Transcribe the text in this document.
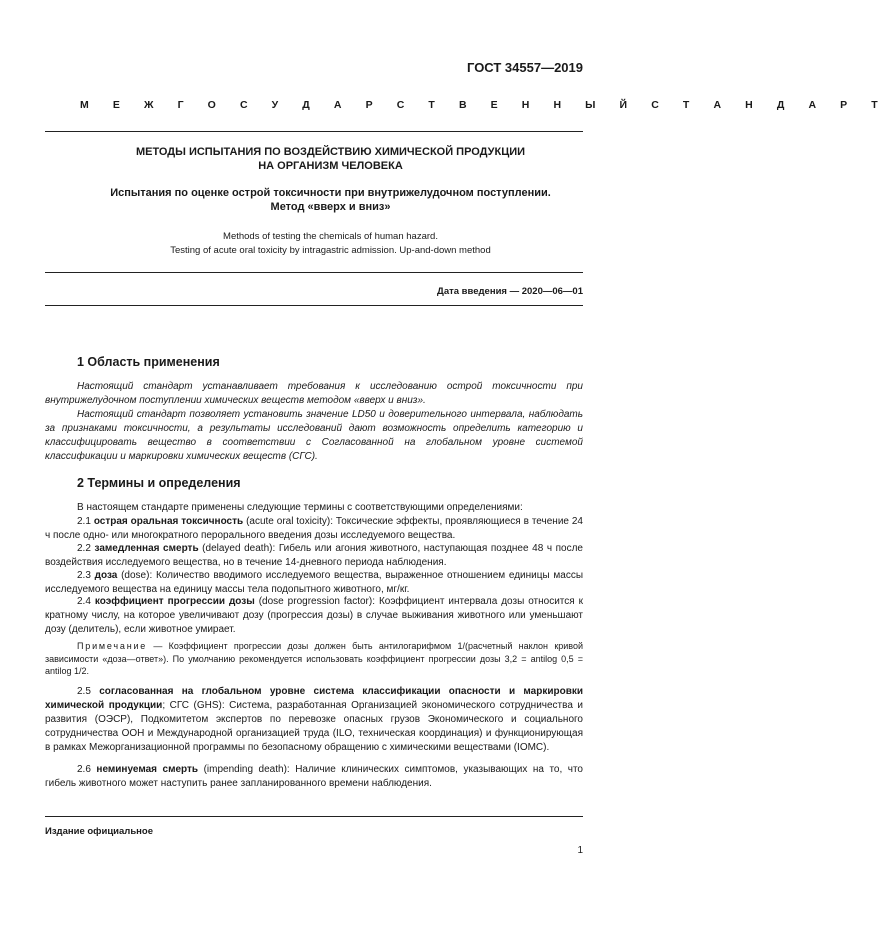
ГОСТ 34557—2019
М Е Ж Г О С У Д А Р С Т В Е Н Н Ы Й С Т А Н Д А Р Т
МЕТОДЫ ИСПЫТАНИЯ ПО ВОЗДЕЙСТВИЮ ХИМИЧЕСКОЙ ПРОДУКЦИИ
НА ОРГАНИЗМ ЧЕЛОВЕКА
Испытания по оценке острой токсичности при внутрижелудочном поступлении.
Метод «вверх и вниз»
Methods of testing the chemicals of human hazard.
Testing of acute oral toxicity by intragastric admission. Up-and-down method
Дата введения — 2020—06—01
1 Область применения
Настоящий стандарт устанавливает требования к исследованию острой токсичности при внутрижелудочном поступлении химических веществ методом «вверх и вниз».
Настоящий стандарт позволяет установить значение LD50 и доверительного интервала, наблюдать за признаками токсичности, а результаты исследований дают возможность определить категорию и классифицировать вещество в соответствии с Согласованной на глобальном уровне системой классификации и маркировки химических веществ (СГС).
2 Термины и определения
В настоящем стандарте применены следующие термины с соответствующими определениями:
2.1 острая оральная токсичность (acute oral toxicity): Токсические эффекты, проявляющиеся в течение 24 ч после одно- или многократного перорального введения дозы исследуемого вещества.
2.2 замедленная смерть (delayed death): Гибель или агония животного, наступающая позднее 48 ч после воздействия исследуемого вещества, но в течение 14-дневного периода наблюдения.
2.3 доза (dose): Количество вводимого исследуемого вещества, выраженное отношением единицы массы исследуемого вещества на единицу массы тела подопытного животного, мг/кг.
2.4 коэффициент прогрессии дозы (dose progression factor): Коэффициент интервала дозы относится к кратному числу, на которое увеличивают дозу (прогрессия дозы) в случае выживания животного или уменьшают дозу (делитель), если животное умирает.
Примечание — Коэффициент прогрессии дозы должен быть антилогарифмом 1/(расчетный наклон кривой зависимости «доза—ответ»). По умолчанию рекомендуется использовать коэффициент прогрессии дозы 3,2 = antilog 0,5 = antilog 1/2.
2.5 согласованная на глобальном уровне система классификации опасности и маркировки химической продукции; СГС (GHS): Система, разработанная Организацией экономического сотрудничества и развития (ОЭСР), Подкомитетом экспертов по перевозке опасных грузов Экономического и социального сотрудничества ООН и Международной организацией труда (ILO, техническая координация) и функционирующая в рамках Межорганизационной программы по безопасному обращению с химическими веществами (IOMC).
2.6 неминуемая смерть (impending death): Наличие клинических симптомов, указывающих на то, что гибель животного может наступить ранее запланированного времени наблюдения.
Издание официальное
1
